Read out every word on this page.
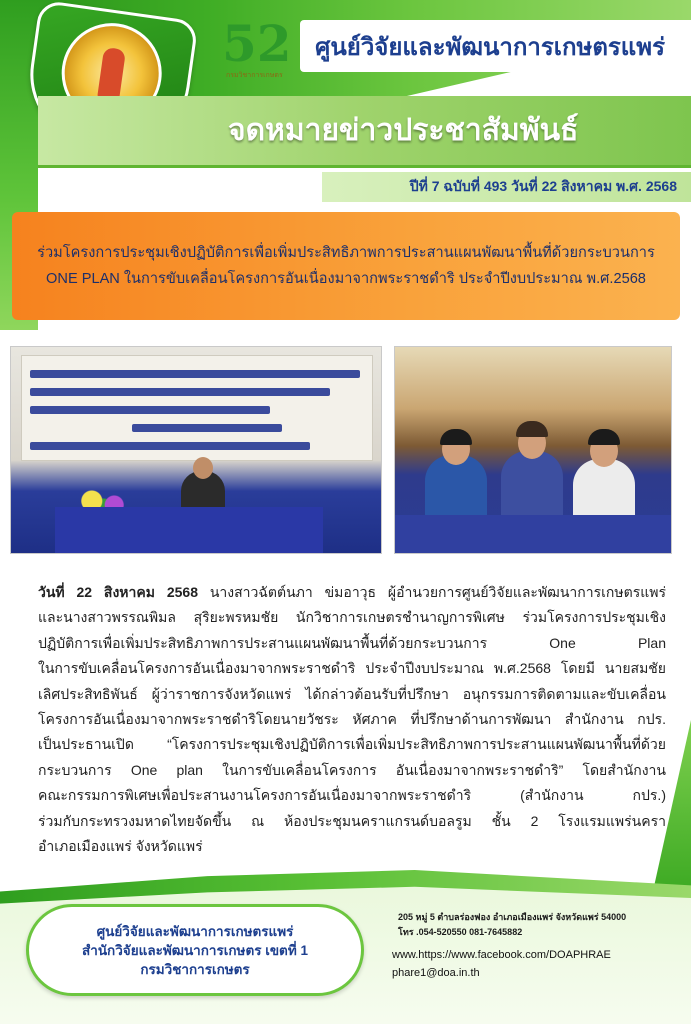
52
กรมวิชาการเกษตร
ศูนย์วิจัยและพัฒนาการเกษตรแพร่
จดหมายข่าวประชาสัมพันธ์
ปีที่ 7 ฉบับที่ 493 วันที่ 22 สิงหาคม พ.ศ. 2568
ร่วมโครงการประชุมเชิงปฏิบัติการเพื่อเพิ่มประสิทธิภาพการประสานแผนพัฒนาพื้นที่ด้วยกระบวนการ
ONE PLAN ในการขับเคลื่อนโครงการอันเนื่องมาจากพระราชดำริ ประจำปีงบประมาณ พ.ศ.2568
วันที่ 22 สิงหาคม 2568 นางสาวฉัตต์นภา ข่มอาวุธ ผู้อำนวยการศูนย์วิจัยและพัฒนาการเกษตรแพร่
และนางสาวพรรณพิมล สุริยะพรหมชัย นักวิชาการเกษตรชำนาญการพิเศษ ร่วมโครงการประชุมเชิง
ปฏิบัติการเพื่อเพิ่มประสิทธิภาพการประสานแผนพัฒนาพื้นที่ด้วยกระบวนการ One Plan
ในการขับเคลื่อนโครงการอันเนื่องมาจากพระราชดำริ ประจำปีงบประมาณ พ.ศ.2568 โดยมี นายสมชัย
เลิศประสิทธิพันธ์ ผู้ว่าราชการจังหวัดแพร่ ได้กล่าวต้อนรับที่ปรึกษา อนุกรรมการติดตามและขับเคลื่อน
โครงการอันเนื่องมาจากพระราชดำริโดยนายวัชระ หัศภาค ที่ปรึกษาด้านการพัฒนา สำนักงาน กปร.
เป็นประธานเปิด “โครงการประชุมเชิงปฏิบัติการเพื่อเพิ่มประสิทธิภาพการประสานแผนพัฒนาพื้นที่ด้วย
กระบวนการ One plan ในการขับเคลื่อนโครงการ อันเนื่องมาจากพระราชดำริ” โดยสำนักงาน
คณะกรรมการพิเศษเพื่อประสานงานโครงการอันเนื่องมาจากพระราชดำริ (สำนักงาน กปร.)
ร่วมกับกระทรวงมหาดไทยจัดขึ้น ณ ห้องประชุมนคราแกรนด์บอลรูม ชั้น 2 โรงแรมแพร่นครา
อำเภอเมืองแพร่ จังหวัดแพร่
ศูนย์วิจัยและพัฒนาการเกษตรแพร่
สำนักวิจัยและพัฒนาการเกษตร เขตที่ 1
กรมวิชาการเกษตร
205 หมู่ 5 ตำบลร่องฟอง อำเภอเมืองแพร่ จังหวัดแพร่ 54000
โทร .054-520550 081-7645882
www.https://www.facebook.com/DOAPHRAE
phare1@doa.in.th
